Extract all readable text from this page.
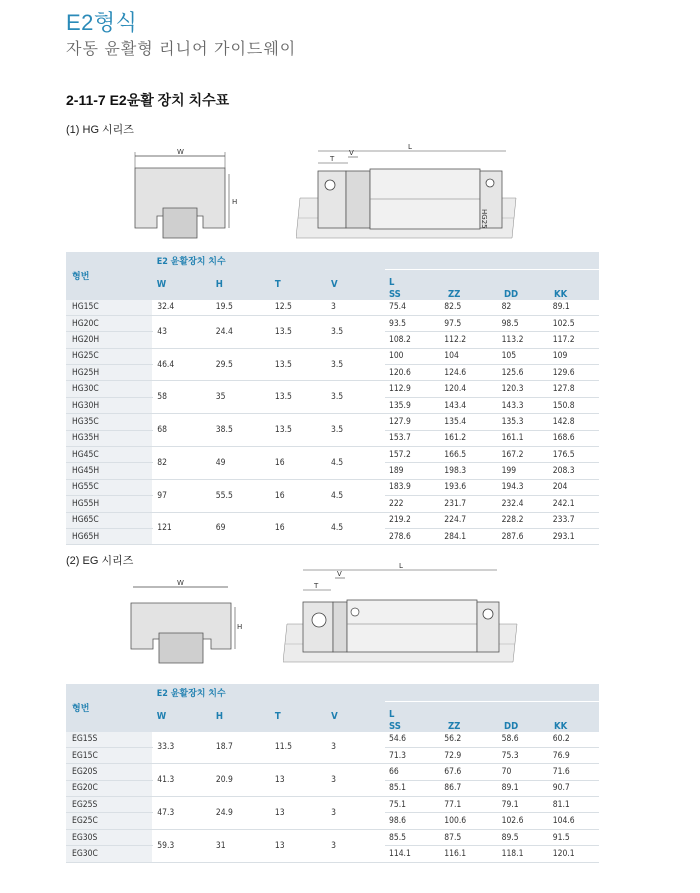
E2형식
자동 윤활형 리니어 가이드웨이
2-11-7 E2윤활 장치 치수표
(1) HG 시리즈
W
H
L
T
V
HG25
형번	E2 윤활장치 치수							
	W	H	T	V	L
SS ZZ DD KK			

HG15C	32.4	19.5	12.5	3	75.4	82.5	82	89.1
HG20C	43	24.4	13.5	3.5	93.5	97.5	98.5	102.5
HG20H					108.2	112.2	113.2	117.2
HG25C	46.4	29.5	13.5	3.5	100	104	105	109
HG25H					120.6	124.6	125.6	129.6
HG30C	58	35	13.5	3.5	112.9	120.4	120.3	127.8
HG30H					135.9	143.4	143.3	150.8
HG35C	68	38.5	13.5	3.5	127.9	135.4	135.3	142.8
HG35H					153.7	161.2	161.1	168.6
HG45C	82	49	16	4.5	157.2	166.5	167.2	176.5
HG45H					189	198.3	199	208.3
HG55C	97	55.5	16	4.5	183.9	193.6	194.3	204
HG55H					222	231.7	232.4	242.1
HG65C	121	69	16	4.5	219.2	224.7	228.2	233.7
HG65H					278.6	284.1	287.6	293.1
(2) EG 시리즈
W
H
L
T
V
형번	E2 윤활장치 치수							
	W	H	T	V	L
SS ZZ DD KK			

EG15S	33.3	18.7	11.5	3	54.6	56.2	58.6	60.2
EG15C					71.3	72.9	75.3	76.9
EG20S	41.3	20.9	13	3	66	67.6	70	71.6
EG20C					85.1	86.7	89.1	90.7
EG25S	47.3	24.9	13	3	75.1	77.1	79.1	81.1
EG25C					98.6	100.6	102.6	104.6
EG30S	59.3	31	13	3	85.5	87.5	89.5	91.5
EG30C					114.1	116.1	118.1	120.1
